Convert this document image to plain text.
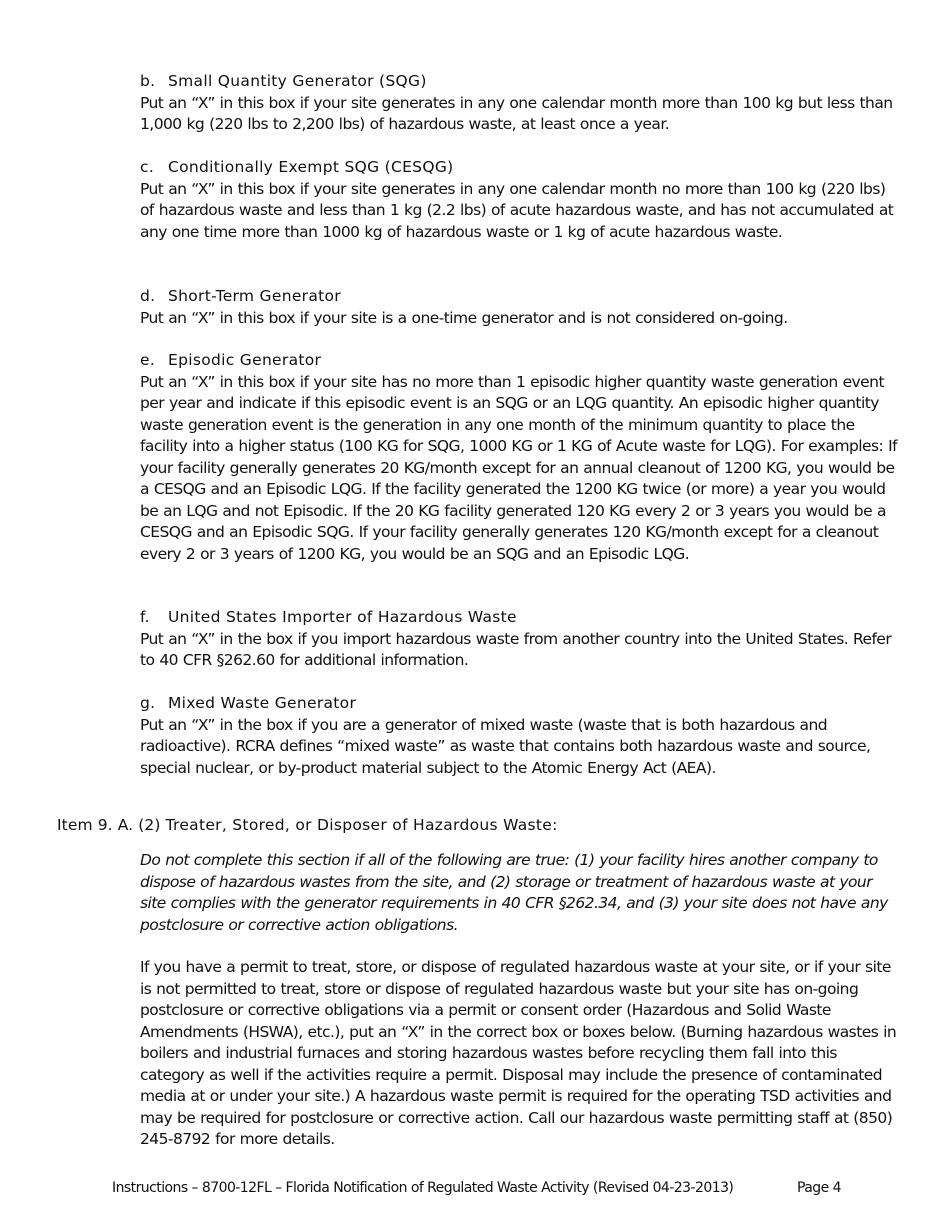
b. Small Quantity Generator (SQG)

Put an “X” in this box if your site generates in any one calendar month more than 100 kg but less than 1,000 kg (220 lbs to 2,200 lbs) of hazardous waste, at least once a year.

c. Conditionally Exempt SQG (CESQG)

Put an “X” in this box if your site generates in any one calendar month no more than 100 kg (220 lbs) of hazardous waste and less than 1 kg (2.2 lbs) of acute hazardous waste, and has not accumulated at any one time more than 1000 kg of hazardous waste or 1 kg of acute hazardous waste.

d. Short-Term Generator

Put an “X” in this box if your site is a one-time generator and is not considered on-going.

e. Episodic Generator

Put an “X” in this box if your site has no more than 1 episodic higher quantity waste generation event per year and indicate if this episodic event is an SQG or an LQG quantity. An episodic higher quantity waste generation event is the generation in any one month of the minimum quantity to place the facility into a higher status (100 KG for SQG, 1000 KG or 1 KG of Acute waste for LQG). For examples: If your facility generally generates 20 KG/month except for an annual cleanout of 1200 KG, you would be a CESQG and an Episodic LQG. If the facility generated the 1200 KG twice (or more) a year you would be an LQG and not Episodic. If the 20 KG facility generated 120 KG every 2 or 3 years you would be a CESQG and an Episodic SQG. If your facility generally generates 120 KG/month except for a cleanout every 2 or 3 years of 1200 KG, you would be an SQG and an Episodic LQG.

f. United States Importer of Hazardous Waste

Put an “X” in the box if you import hazardous waste from another country into the United States. Refer to 40 CFR §262.60 for additional information.

g. Mixed Waste Generator

Put an “X” in the box if you are a generator of mixed waste (waste that is both hazardous and radioactive). RCRA defines “mixed waste” as waste that contains both hazardous waste and source, special nuclear, or by-product material subject to the Atomic Energy Act (AEA).

Item 9. A. (2) Treater, Stored, or Disposer of Hazardous Waste:

Do not complete this section if all of the following are true: (1) your facility hires another company to dispose of hazardous wastes from the site, and (2) storage or treatment of hazardous waste at your site complies with the generator requirements in 40 CFR §262.34, and (3) your site does not have any postclosure or corrective action obligations.

If you have a permit to treat, store, or dispose of regulated hazardous waste at your site, or if your site is not permitted to treat, store or dispose of regulated hazardous waste but your site has on-going postclosure or corrective obligations via a permit or consent order (Hazardous and Solid Waste Amendments (HSWA), etc.), put an “X” in the correct box or boxes below. (Burning hazardous wastes in boilers and industrial furnaces and storing hazardous wastes before recycling them fall into this category as well if the activities require a permit. Disposal may include the presence of contaminated media at or under your site.) A hazardous waste permit is required for the operating TSD activities and may be required for postclosure or corrective action. Call our hazardous waste permitting staff at (850) 245-8792 for more details.

Instructions – 8700-12FL – Florida Notification of Regulated Waste Activity (Revised 04-23-2013)	Page 4
